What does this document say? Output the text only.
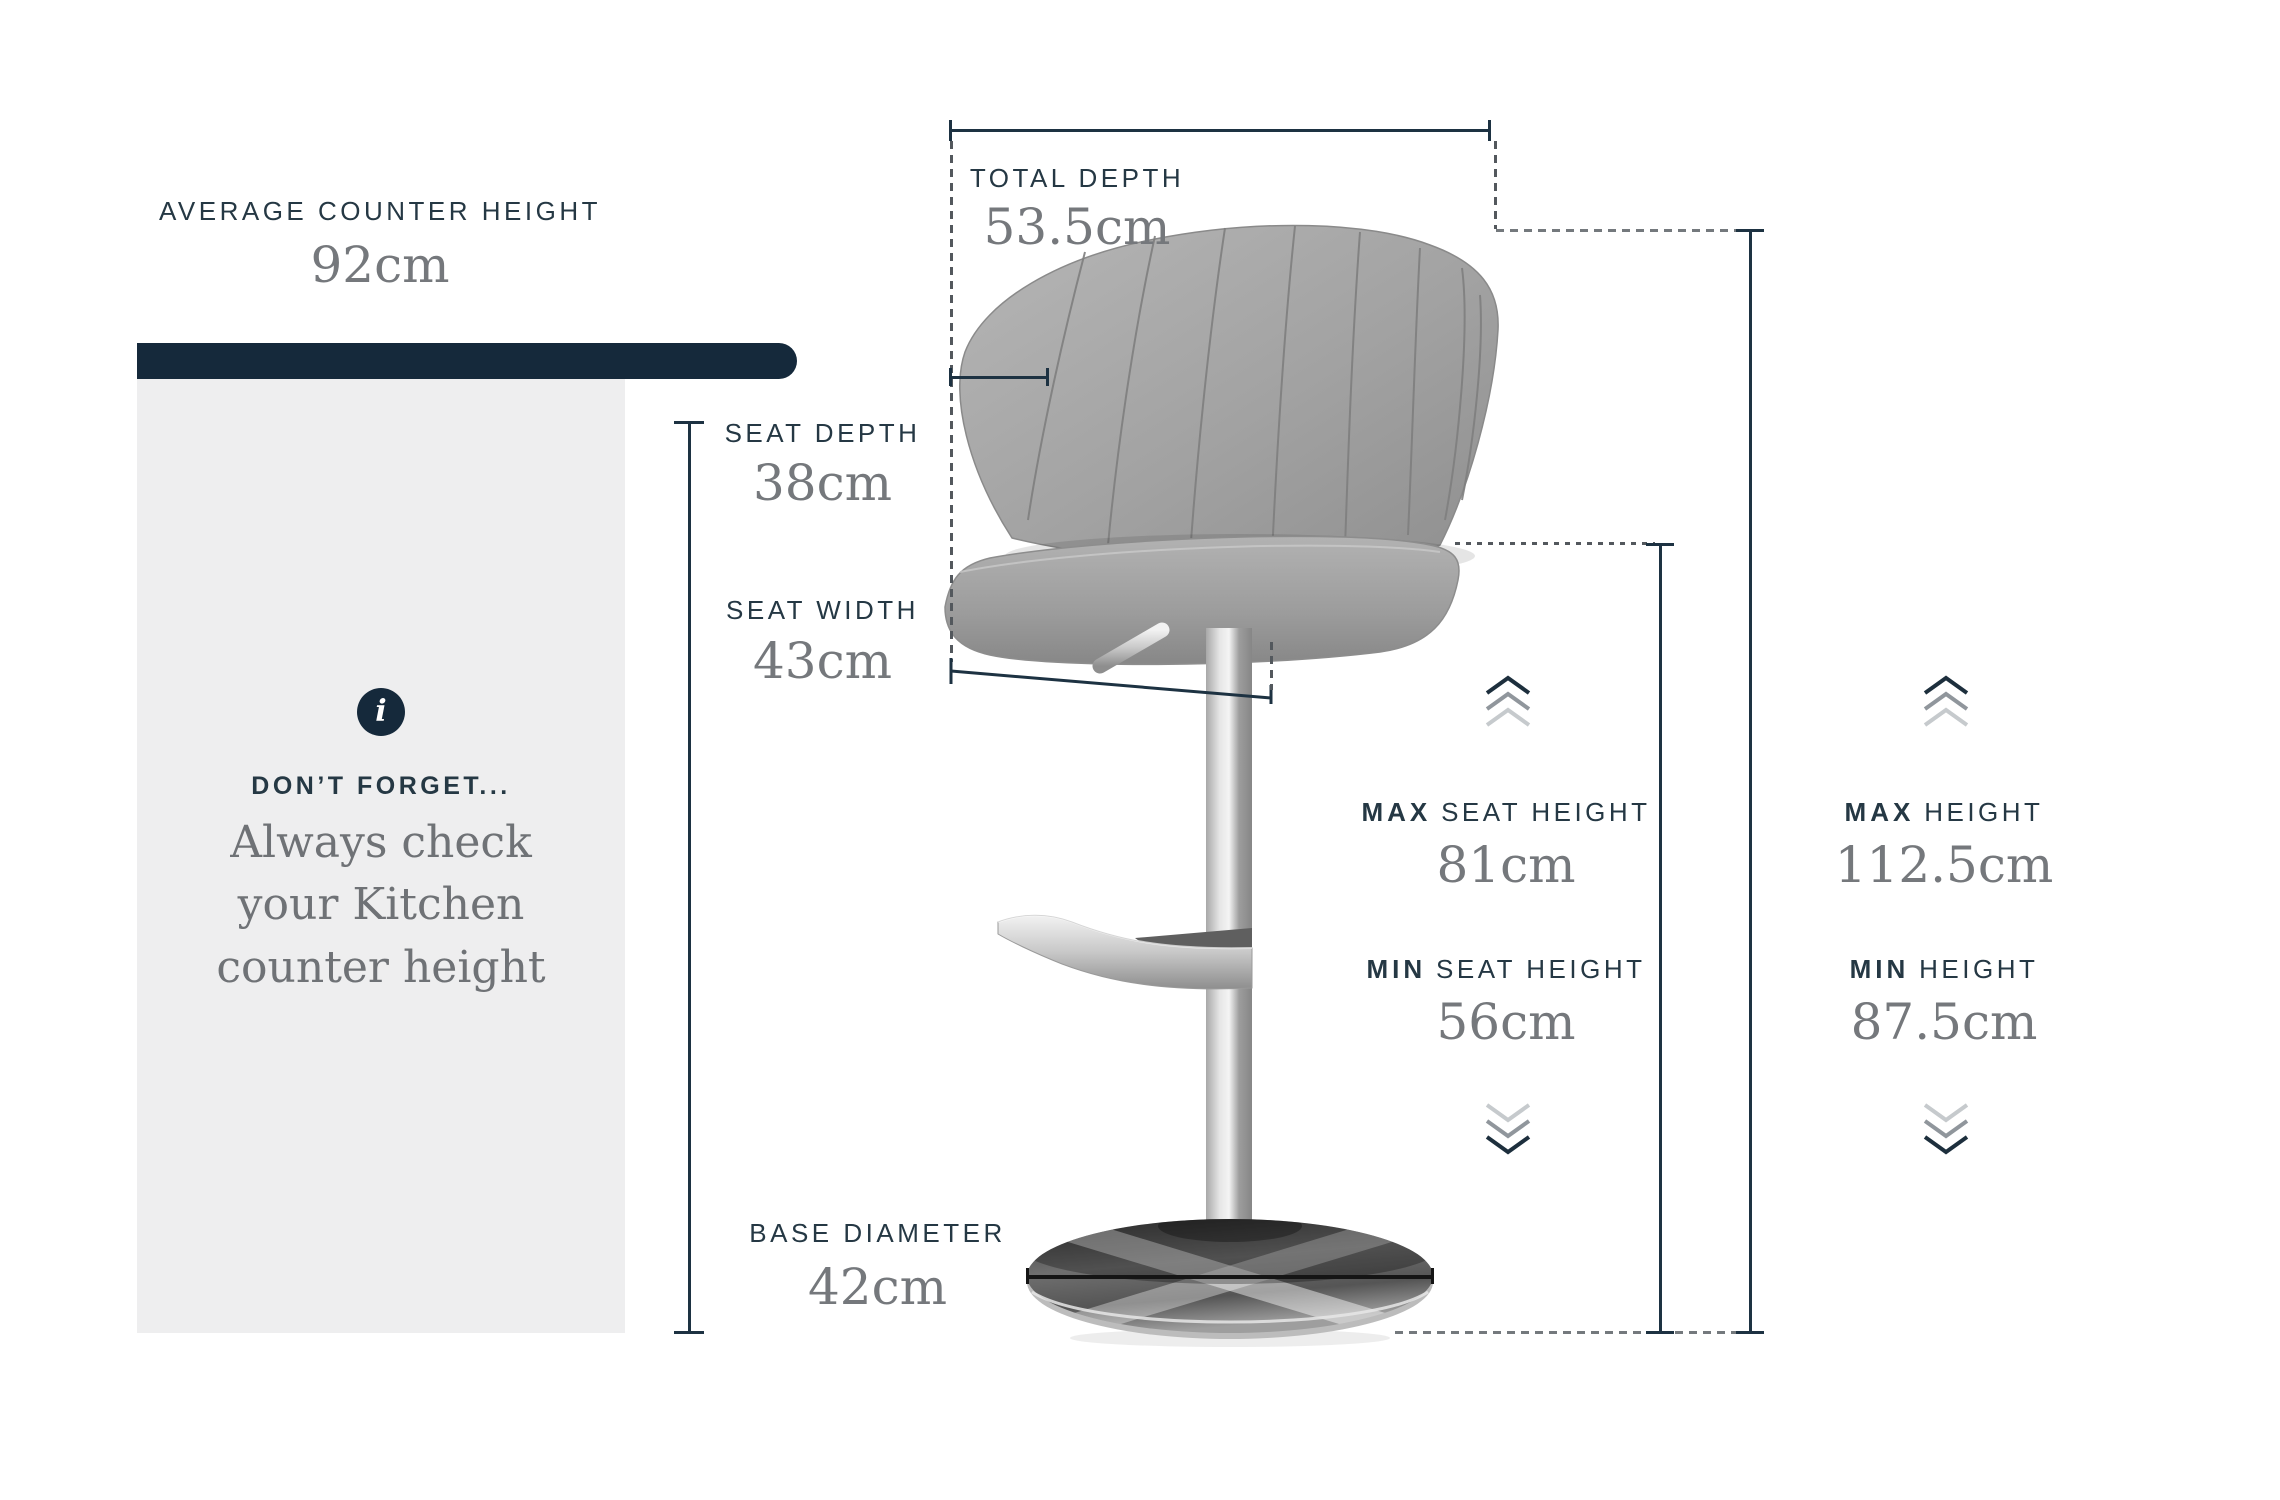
AVERAGE COUNTER HEIGHT
92cm
i
DON’T FORGET...
Always check your Kitchen counter height
TOTAL DEPTH
53.5cm
SEAT DEPTH
38cm
SEAT WIDTH
43cm
BASE DIAMETER
42cm
MAX SEAT HEIGHT
81cm
MIN SEAT HEIGHT
56cm
MAX HEIGHT
112.5cm
MIN HEIGHT
87.5cm
